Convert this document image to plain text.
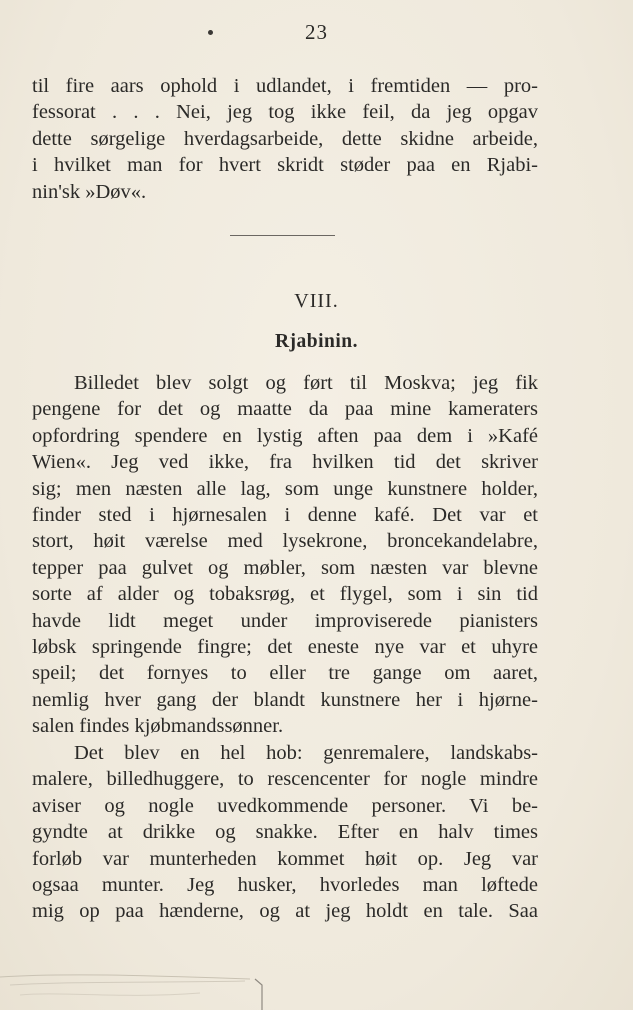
23
til fire aars ophold i udlandet, i fremtiden — pro-
fessorat . . . Nei, jeg tog ikke feil, da jeg opgav
dette sørgelige hverdagsarbeide, dette skidne arbeide,
i hvilket man for hvert skridt støder paa en Rjabi-
nin'sk »Døv«.
VIII.
Rjabinin.
Billedet blev solgt og ført til Moskva; jeg fik
pengene for det og maatte da paa mine kameraters
opfordring spendere en lystig aften paa dem i »Kafé
Wien«. Jeg ved ikke, fra hvilken tid det skriver
sig; men næsten alle lag, som unge kunstnere holder,
finder sted i hjørnesalen i denne kafé. Det var et
stort, høit værelse med lysekrone, broncekandelabre,
tepper paa gulvet og møbler, som næsten var blevne
sorte af alder og tobaksrøg, et flygel, som i sin tid
havde lidt meget under improviserede pianisters
løbsk springende fingre; det eneste nye var et uhyre
speil; det fornyes to eller tre gange om aaret,
nemlig hver gang der blandt kunstnere her i hjørne-
salen findes kjøbmandssønner.
Det blev en hel hob: genremalere, landskabs-
malere, billedhuggere, to rescencenter for nogle mindre
aviser og nogle uvedkommende personer. Vi be-
gyndte at drikke og snakke. Efter en halv times
forløb var munterheden kommet høit op. Jeg var
ogsaa munter. Jeg husker, hvorledes man løftede
mig op paa hænderne, og at jeg holdt en tale. Saa
